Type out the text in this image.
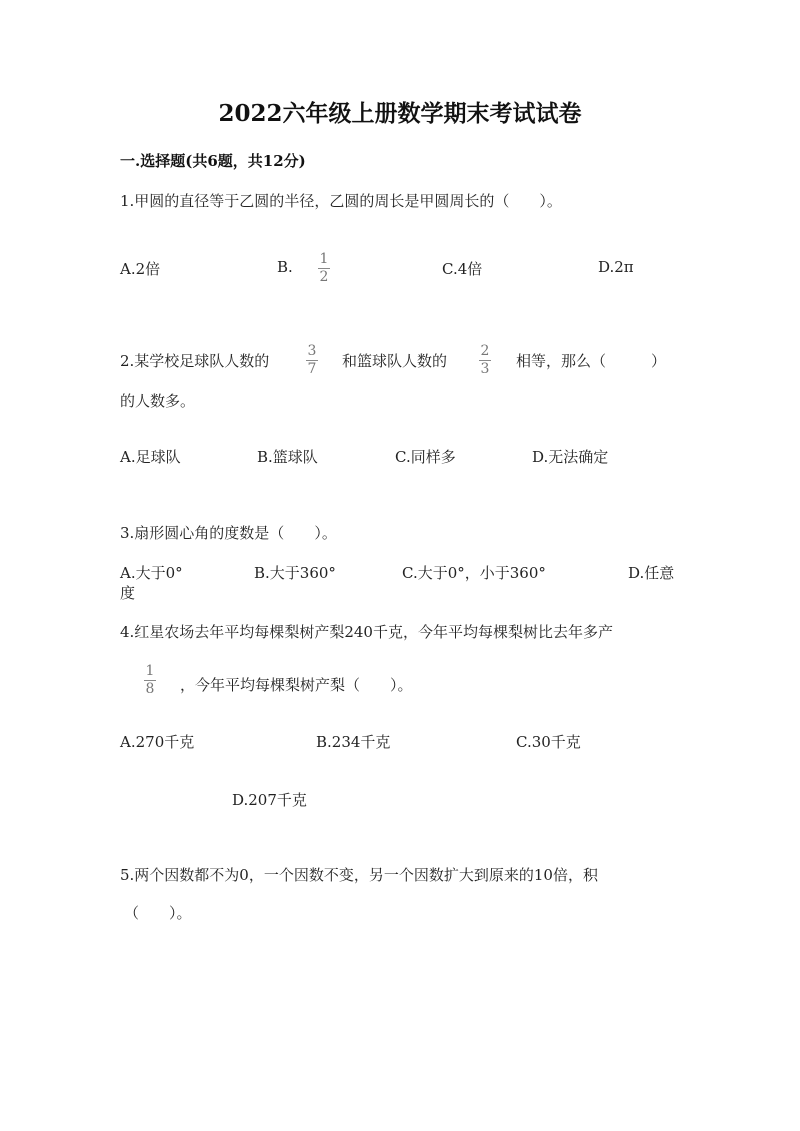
2022六年级上册数学期末考试试卷
一.选择题(共6题，共12分)
1.甲圆的直径等于乙圆的半径，乙圆的周长是甲圆周长的（　　）。
A.2倍	B. 1
2	C.4倍	D.2π
2.某学校足球队人数的
3
7 和篮球队人数的
2
3 相等，那么（　　　）
的人数多。
A.足球队	B.篮球队	C.同样多	D.无法确定
3.扇形圆心角的度数是（　　）。
A.大于0°	B.大于360°	C.大于0°，小于360°	D.任意
度
4.红星农场去年平均每棵梨树产梨240千克，今年平均每棵梨树比去年多产
1
8 ，今年平均每棵梨树产梨（　　）。
A.270千克	B.234千克	C.30千克
D.207千克
5.两个因数都不为0，一个因数不变，另一个因数扩大到原来的10倍，积
（　　）。
